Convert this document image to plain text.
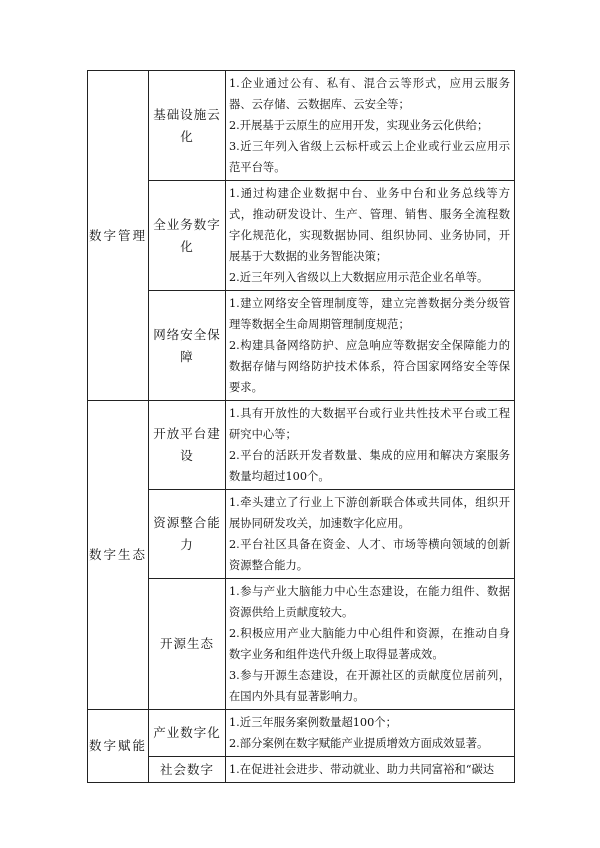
数字管理	基础设施云化	1.企业通过公有、私有、混合云等形式，应用云服务器、云存储、云数据库、云安全等；
2.开展基于云原生的应用开发，实现业务云化供给；
3.近三年列入省级上云标杆或云上企业或行业云应用示范平台等。

	全业务数字化	1.通过构建企业数据中台、业务中台和业务总线等方式，推动研发设计、生产、管理、销售、服务全流程数字化规范化，实现数据协同、组织协同、业务协同，开展基于大数据的业务智能决策；
2.近三年列入省级以上大数据应用示范企业名单等。

	网络安全保障	1.建立网络安全管理制度等，建立完善数据分类分级管理等数据全生命周期管理制度规范；
2.构建具备网络防护、应急响应等数据安全保障能力的数据存储与网络防护技术体系，符合国家网络安全等保要求。

数字生态	开放平台建设	1.具有开放性的大数据平台或行业共性技术平台或工程研究中心等；
2.平台的活跃开发者数量、集成的应用和解决方案服务数量均超过100个。

	资源整合能力	1.牵头建立了行业上下游创新联合体或共同体，组织开展协同研发攻关，加速数字化应用。
2.平台社区具备在资金、人才、市场等横向领域的创新资源整合能力。

	开源生态	1.参与产业大脑能力中心生态建设，在能力组件、数据资源供给上贡献度较大。
2.积极应用产业大脑能力中心组件和资源，在推动自身数字业务和组件迭代升级上取得显著成效。
3.参与开源生态建设，在开源社区的贡献度位居前列，在国内外具有显著影响力。

数字赋能	产业数字化	1.近三年服务案例数量超100个；
2.部分案例在数字赋能产业提质增效方面成效显著。

	社会数字	1.在促进社会进步、带动就业、助力共同富裕和“碳达
